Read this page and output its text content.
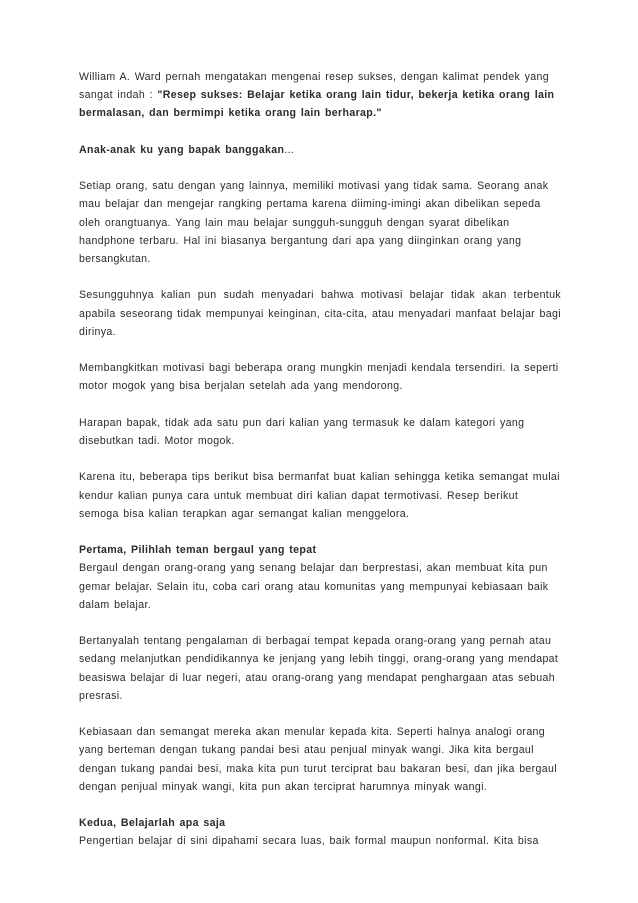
William A. Ward pernah mengatakan mengenai resep sukses, dengan kalimat pendek yang sangat indah : "Resep sukses: Belajar ketika orang lain tidur, bekerja ketika orang lain bermalasan, dan bermimpi ketika orang lain berharap."

Anak-anak ku yang bapak banggakan...

Setiap orang, satu dengan yang lainnya, memiliki motivasi yang tidak sama. Seorang anak mau belajar dan mengejar rangking pertama karena diiming-imingi akan dibelikan sepeda oleh orangtuanya. Yang lain mau belajar sungguh-sungguh dengan syarat dibelikan handphone terbaru. Hal ini biasanya bergantung dari apa yang diinginkan orang yang bersangkutan.

Sesungguhnya kalian pun sudah menyadari bahwa motivasi belajar tidak akan terbentuk apabila seseorang tidak mempunyai keinginan, cita-cita, atau menyadari manfaat belajar bagi dirinya.

Membangkitkan motivasi bagi beberapa orang mungkin menjadi kendala tersendiri. Ia seperti motor mogok yang bisa berjalan setelah ada yang mendorong.

Harapan bapak, tidak ada satu pun dari kalian yang termasuk ke dalam kategori yang disebutkan tadi. Motor mogok.

Karena itu, beberapa tips berikut bisa bermanfat buat kalian sehingga ketika semangat mulai kendur kalian punya cara untuk membuat diri kalian dapat termotivasi. Resep berikut semoga bisa kalian terapkan agar semangat kalian menggelora.

Pertama, Pilihlah teman bergaul yang tepat

Bergaul dengan orang-orang yang senang belajar dan berprestasi, akan membuat kita pun gemar belajar. Selain itu, coba cari orang atau komunitas yang mempunyai kebiasaan baik dalam belajar.

Bertanyalah tentang pengalaman di berbagai tempat kepada orang-orang yang pernah atau sedang melanjutkan pendidikannya ke jenjang yang lebih tinggi, orang-orang yang mendapat beasiswa belajar di luar negeri, atau orang-orang yang mendapat penghargaan atas sebuah presrasi.

Kebiasaan dan semangat mereka akan menular kepada kita. Seperti halnya analogi orang yang berteman dengan tukang pandai besi atau penjual minyak wangi. Jika kita bergaul dengan tukang pandai besi, maka kita pun turut terciprat bau bakaran besi, dan jika bergaul dengan penjual minyak wangi, kita pun akan terciprat harumnya minyak wangi.

Kedua, Belajarlah apa saja

Pengertian belajar di sini dipahami secara luas, baik formal maupun nonformal. Kita bisa
